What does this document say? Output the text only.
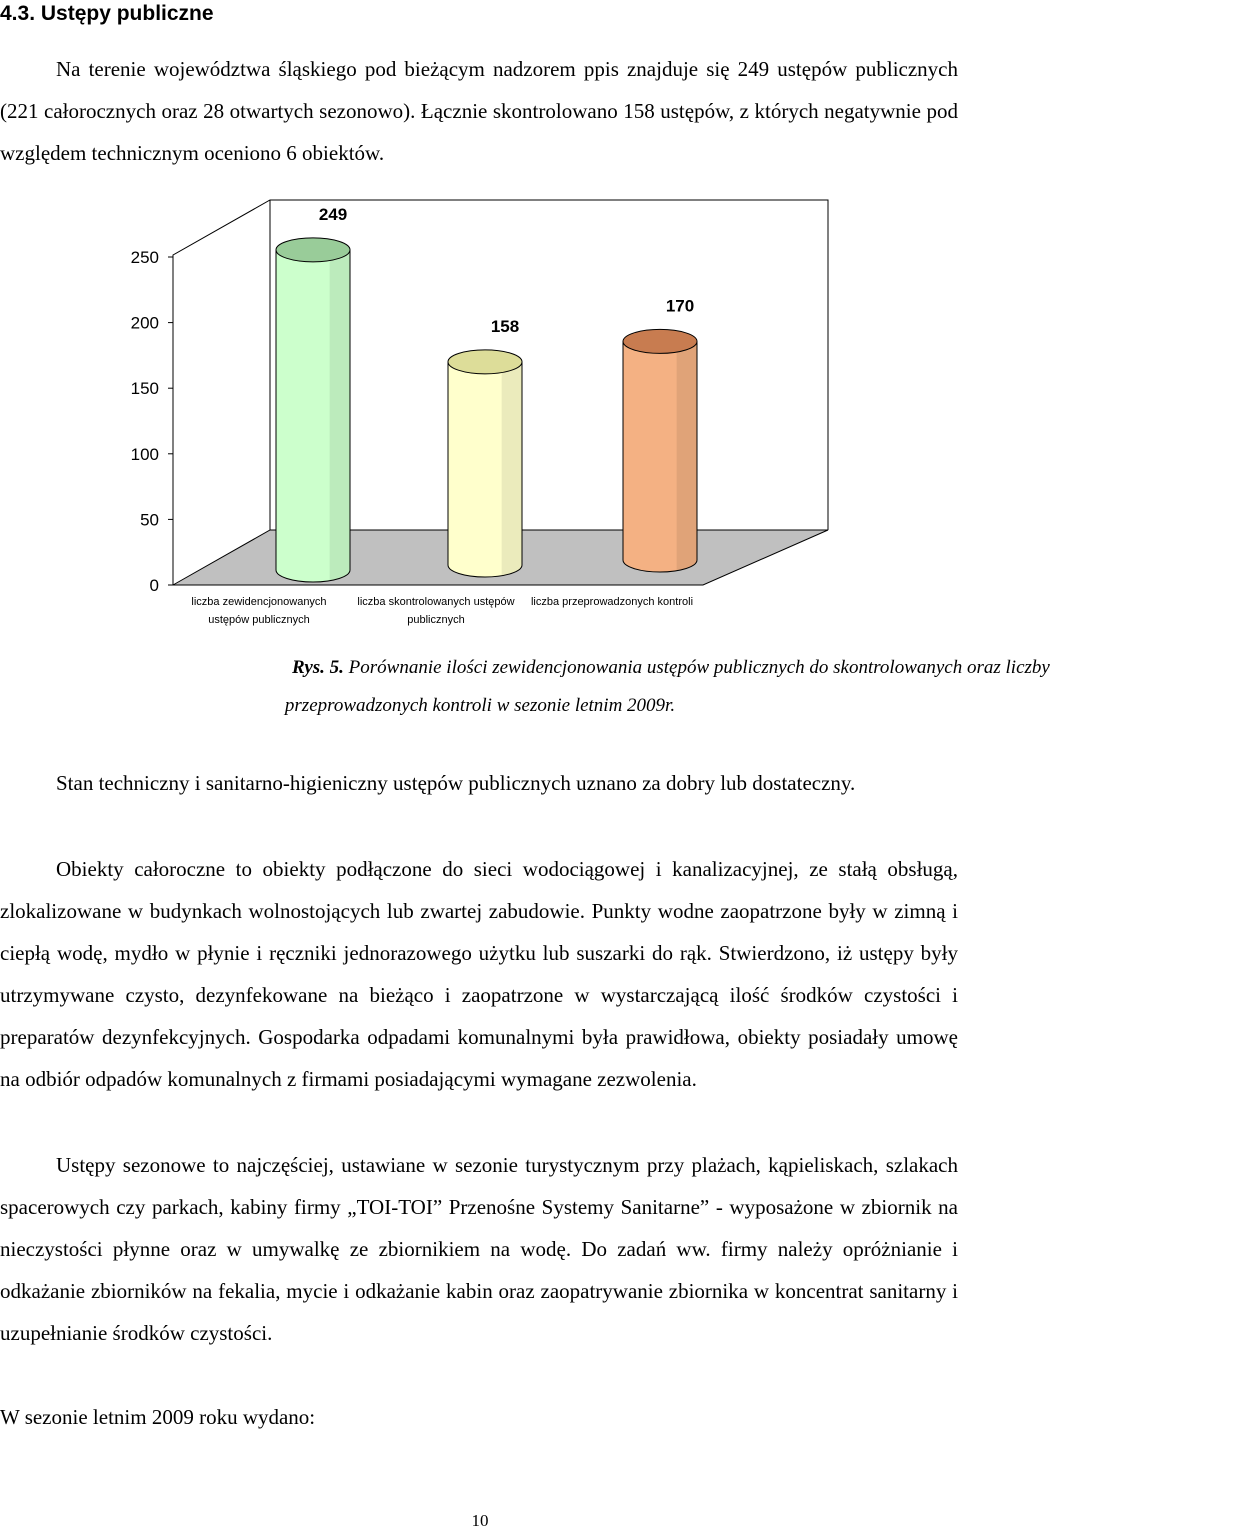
4.3. Ustępy publiczne
Na terenie województwa śląskiego pod bieżącym nadzorem ppis znajduje się 249 ustępów publicznych (221 całorocznych oraz 28 otwartych sezonowo). Łącznie skontrolowano 158 ustępów, z których negatywnie pod względem technicznym oceniono 6 obiektów.
0
50
100
150
200
250
249
158
170
liczba zewidencjonowanych
ustępów publicznych
liczba skontrolowanych ustępów
publicznych
liczba przeprowadzonych kontroli
Rys. 5. Porównanie ilości zewidencjonowania ustępów publicznych do skontrolowanych oraz liczby
przeprowadzonych kontroli w sezonie letnim 2009r.
Stan techniczny i sanitarno-higieniczny ustępów publicznych uznano za dobry lub dostateczny.
Obiekty całoroczne to obiekty podłączone do sieci wodociągowej i kanalizacyjnej, ze stałą obsługą, zlokalizowane w budynkach wolnostojących lub zwartej zabudowie. Punkty wodne zaopatrzone były w zimną i ciepłą wodę, mydło w płynie i ręczniki jednorazowego użytku lub suszarki do rąk. Stwierdzono, iż ustępy były utrzymywane czysto, dezynfekowane na bieżąco i zaopatrzone w wystarczającą ilość środków czystości i preparatów dezynfekcyjnych. Gospodarka odpadami komunalnymi była prawidłowa, obiekty posiadały umowę na odbiór odpadów komunalnych z firmami posiadającymi wymagane zezwolenia.
Ustępy sezonowe to najczęściej, ustawiane w sezonie turystycznym przy plażach, kąpieliskach, szlakach spacerowych czy parkach, kabiny firmy „TOI-TOI” Przenośne Systemy Sanitarne” - wyposażone w zbiornik na nieczystości płynne oraz w umywalkę ze zbiornikiem na wodę. Do zadań ww. firmy należy opróżnianie i odkażanie zbiorników na fekalia, mycie i odkażanie kabin oraz zaopatrywanie zbiornika w koncentrat sanitarny i uzupełnianie środków czystości.
W sezonie letnim 2009 roku wydano:
10
